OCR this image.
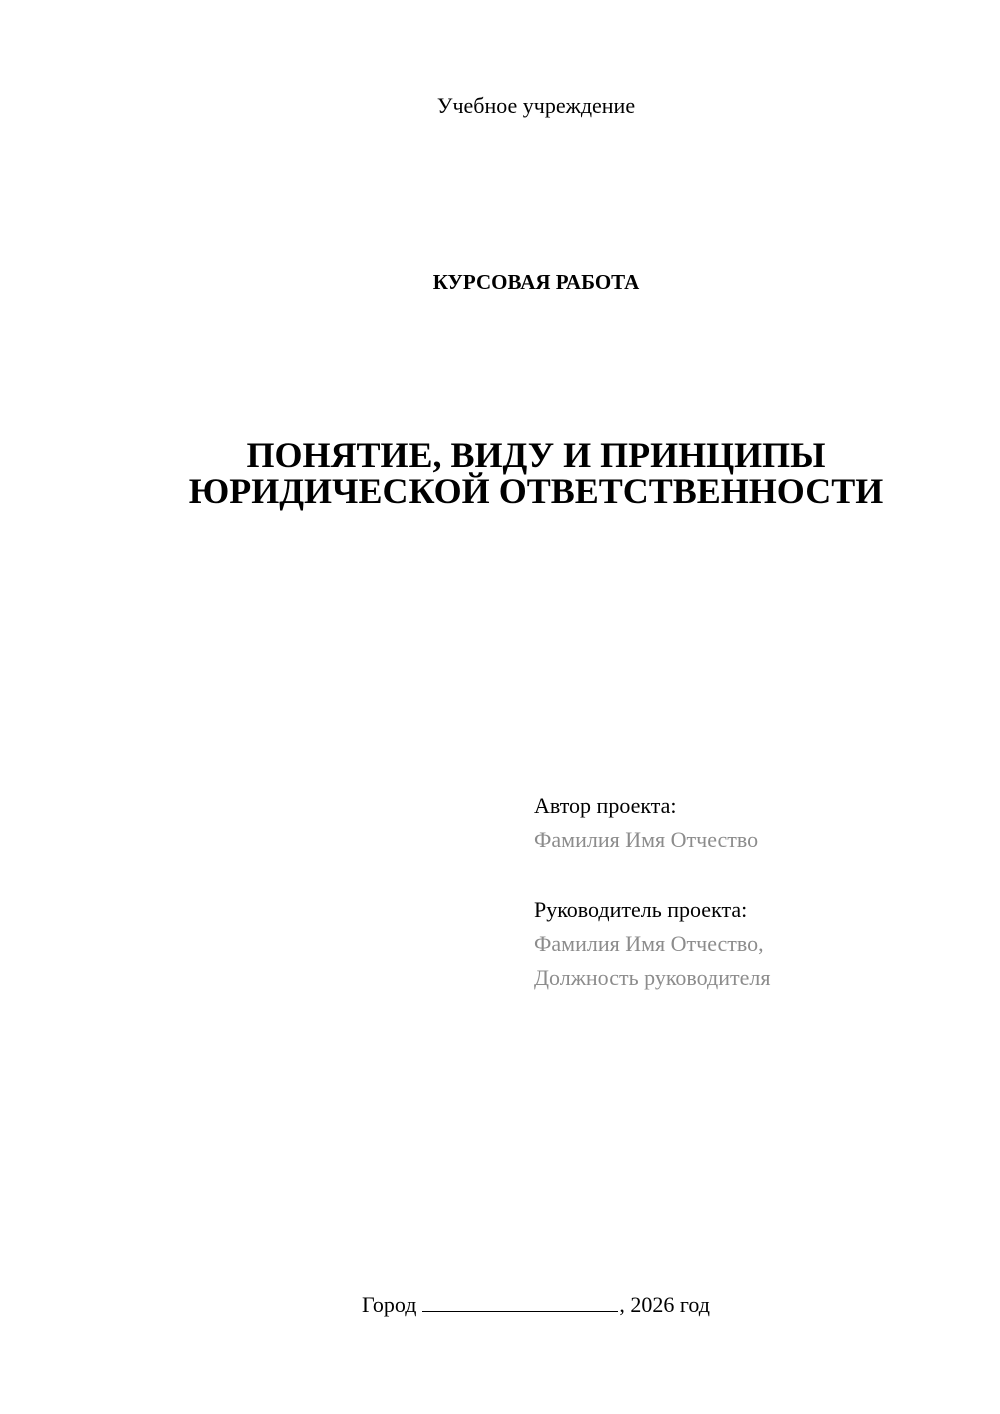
Учебное учреждение
КУРСОВАЯ РАБОТА
ПОНЯТИЕ, ВИДУ И ПРИНЦИПЫ
ЮРИДИЧЕСКОЙ ОТВЕТСТВЕННОСТИ
Автор проекта:
Фамилия Имя Отчество
Руководитель проекта:
Фамилия Имя Отчество,
Должность руководителя
Город	, 2026 год
